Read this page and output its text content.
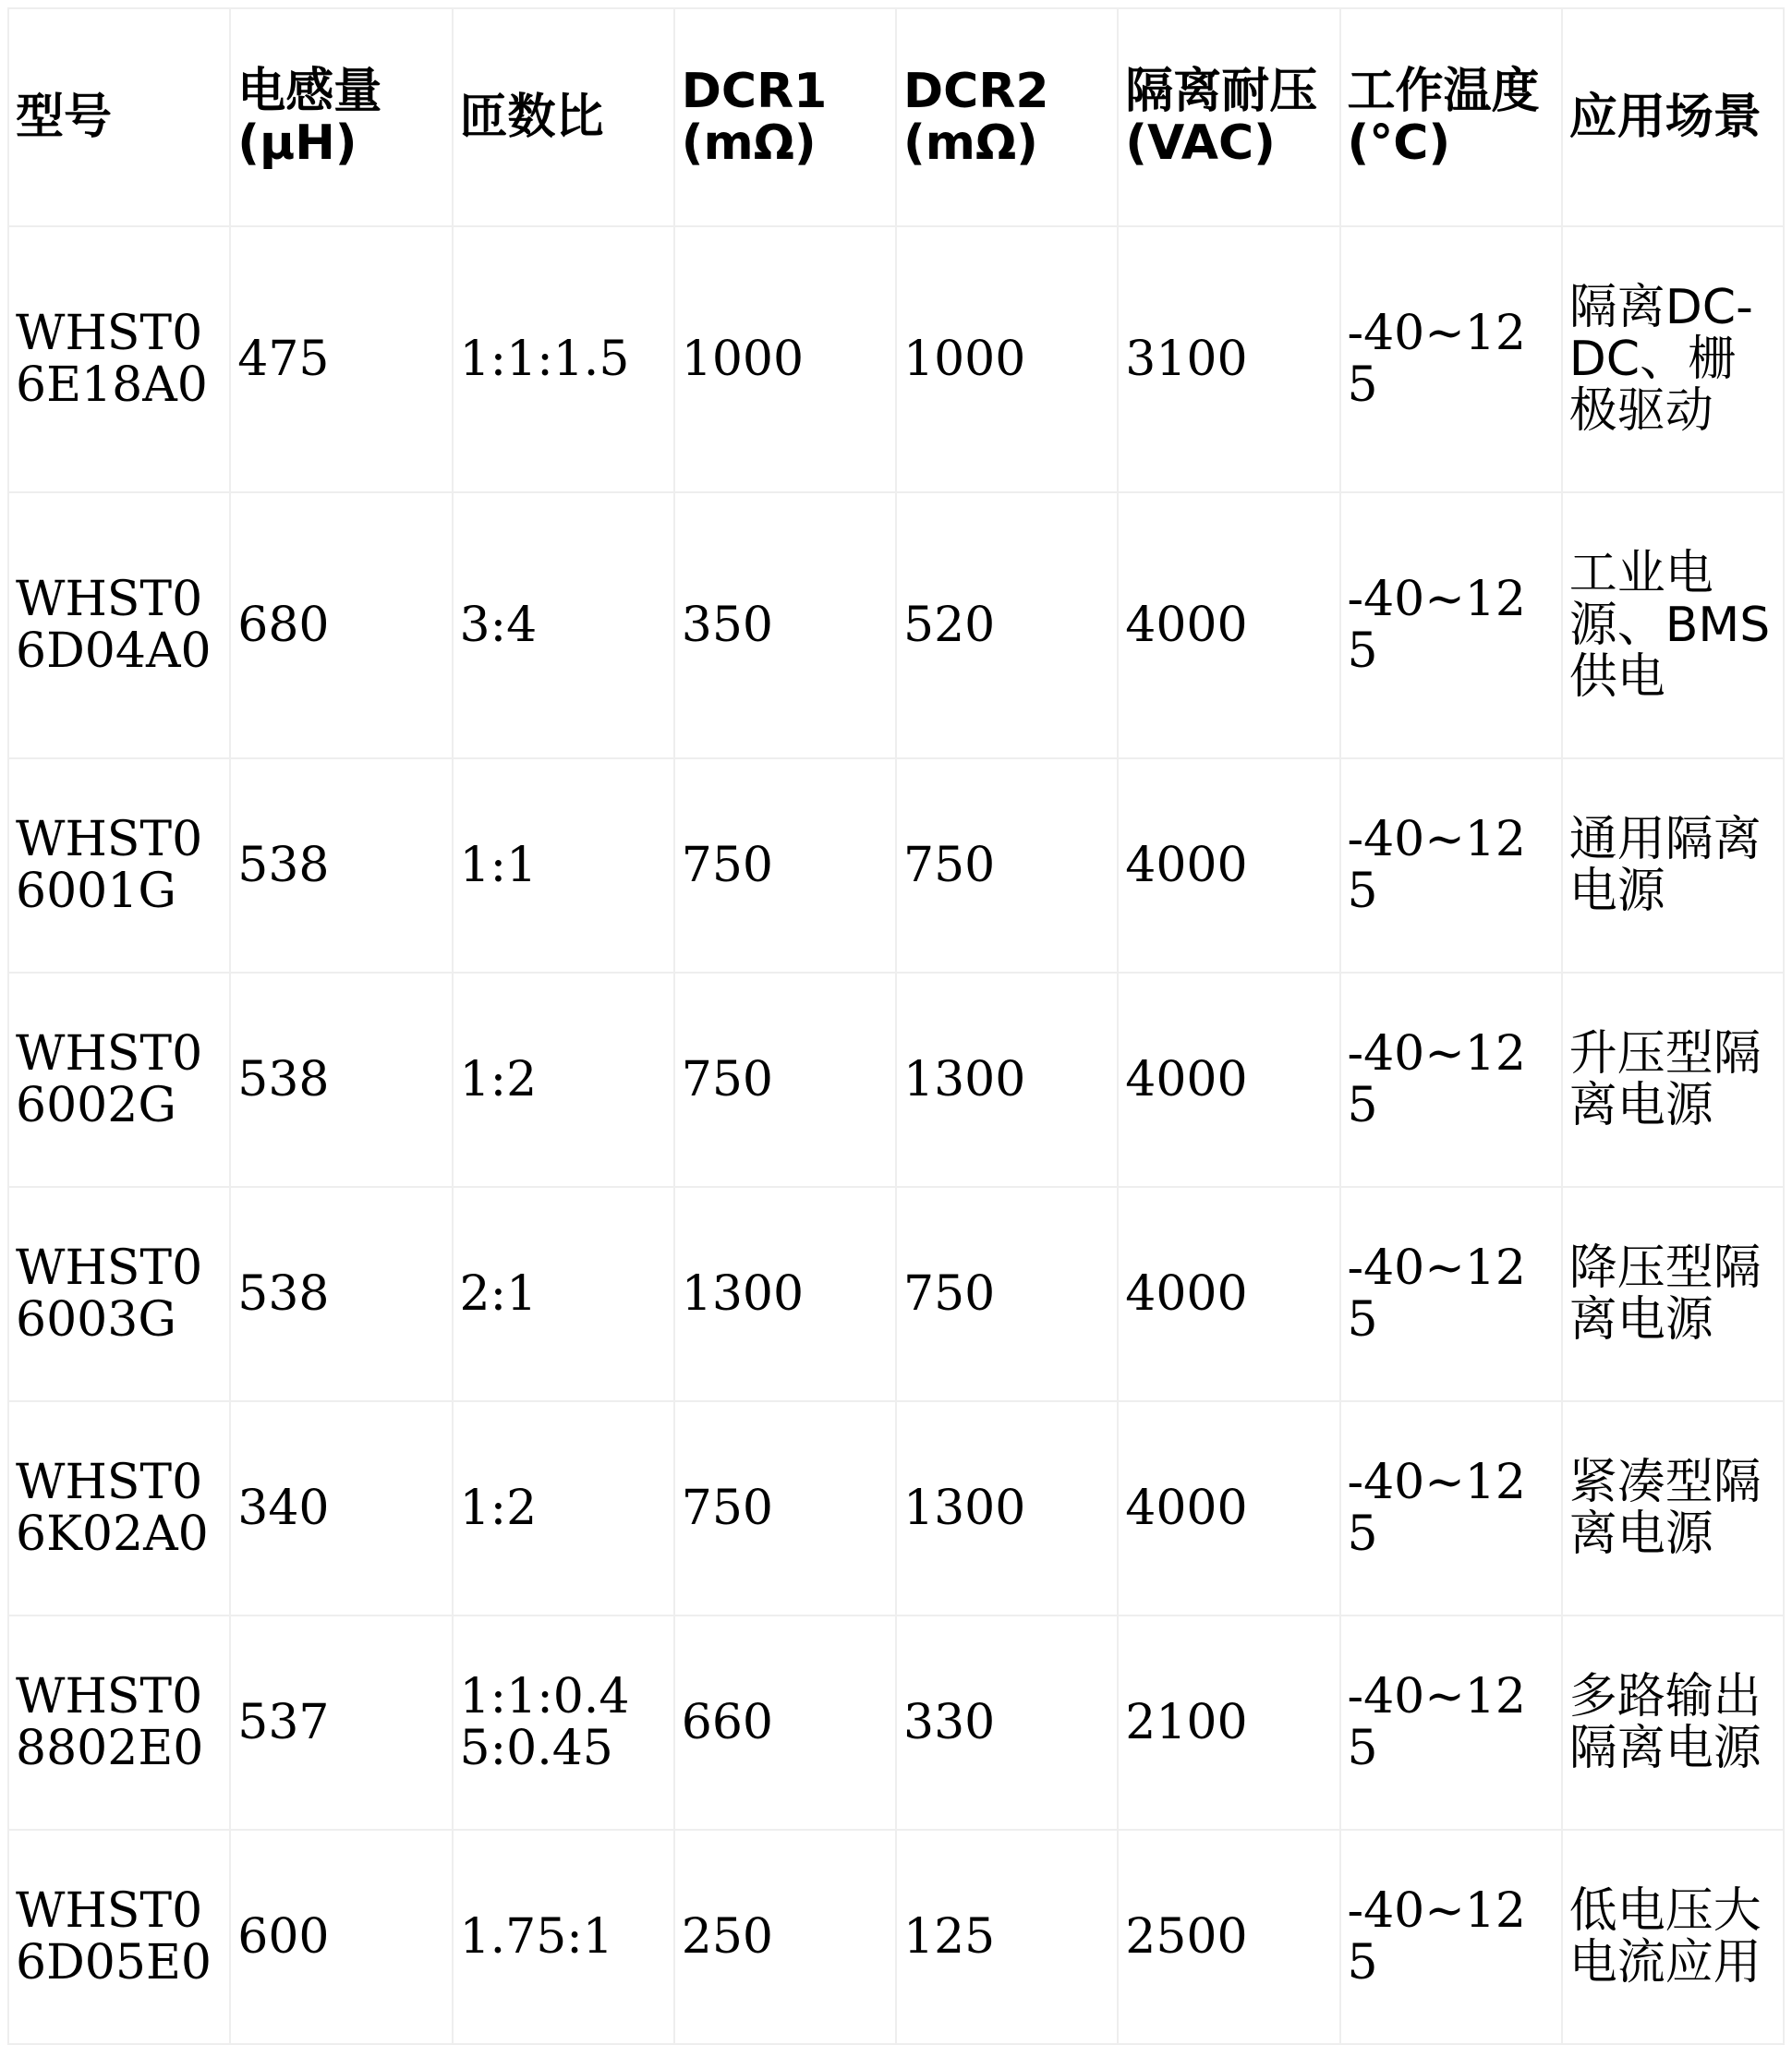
型号	电感量 (μH)	匝数比	DCR1 (mΩ)	DCR2 (mΩ)	隔离耐压 (VAC)	工作温度 (°C)	应用场景
WHST06E18A0	475	1:1:1.5	1000	1000	3100	-40~125	隔离DC-DC、栅极驱动
WHST06D04A0	680	3:4	350	520	4000	-40~125	工业电源、BMS供电
WHST06001G	538	1:1	750	750	4000	-40~125	通用隔离电源
WHST06002G	538	1:2	750	1300	4000	-40~125	升压型隔离电源
WHST06003G	538	2:1	1300	750	4000	-40~125	降压型隔离电源
WHST06K02A0	340	1:2	750	1300	4000	-40~125	紧凑型隔离电源
WHST08802E0	537	1:1:0.45:0.45	660	330	2100	-40~125	多路输出隔离电源
WHST06D05E0	600	1.75:1	250	125	2500	-40~125	低电压大电流应用
